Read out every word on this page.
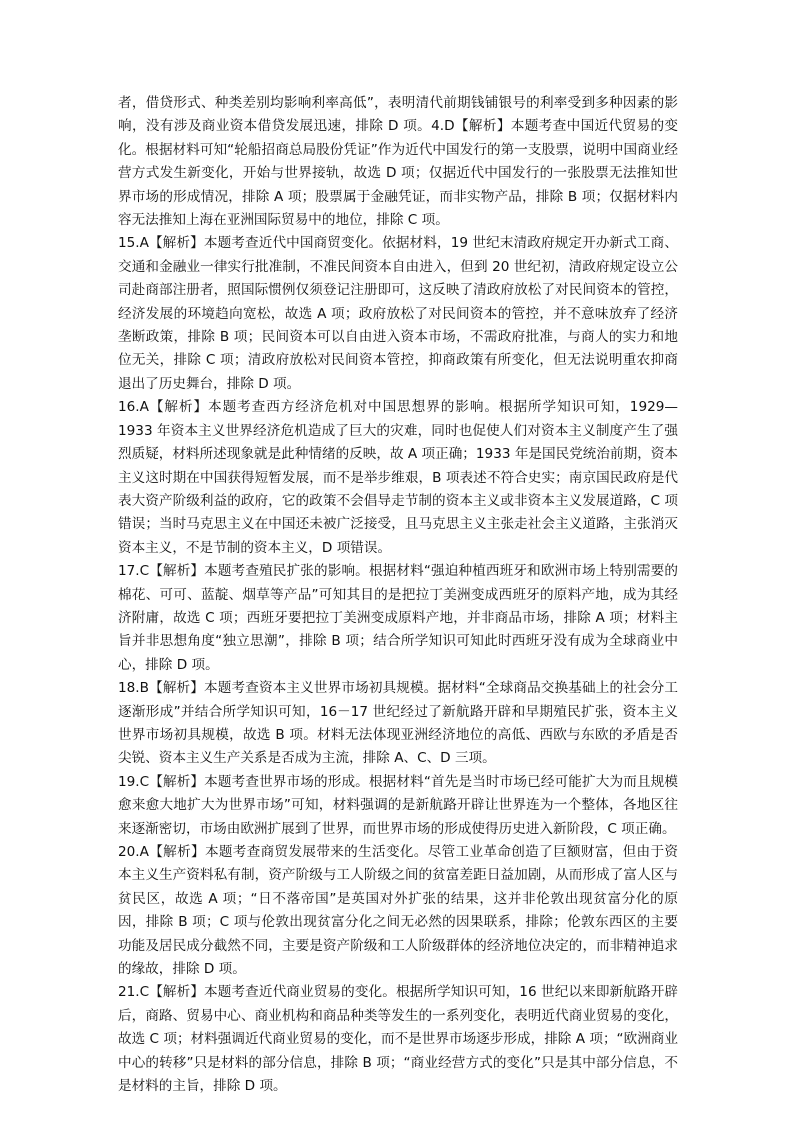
者，借贷形式、种类差别均影响利率高低”，表明清代前期钱铺银号的利率受到多种因素的影响，没有涉及商业资本借贷发展迅速，排除 D 项。4.D【解析】本题考查中国近代贸易的变化。根据材料可知“轮船招商总局股份凭证”作为近代中国发行的第一支股票，说明中国商业经营方式发生新变化，开始与世界接轨，故选 D 项；仅据近代中国发行的一张股票无法推知世界市场的形成情况，排除 A 项；股票属于金融凭证，而非实物产品，排除 B 项；仅据材料内容无法推知上海在亚洲国际贸易中的地位，排除 C 项。

15.A【解析】本题考查近代中国商贸变化。依据材料，19 世纪末清政府规定开办新式工商、交通和金融业一律实行批准制，不准民间资本自由进入，但到 20 世纪初，清政府规定设立公司赴商部注册者，照国际惯例仅须登记注册即可，这反映了清政府放松了对民间资本的管控，经济发展的环境趋向宽松，故选 A 项；政府放松了对民间资本的管控，并不意味放弃了经济垄断政策，排除 B 项；民间资本可以自由进入资本市场，不需政府批准，与商人的实力和地位无关，排除 C 项；清政府放松对民间资本管控，抑商政策有所变化，但无法说明重农抑商退出了历史舞台，排除 D 项。

16.A【解析】本题考查西方经济危机对中国思想界的影响。根据所学知识可知，1929—1933 年资本主义世界经济危机造成了巨大的灾难，同时也促使人们对资本主义制度产生了强烈质疑，材料所述现象就是此种情绪的反映，故 A 项正确；1933 年是国民党统治前期，资本主义这时期在中国获得短暂发展，而不是举步维艰，B 项表述不符合史实；南京国民政府是代表大资产阶级利益的政府，它的政策不会倡导走节制的资本主义或非资本主义发展道路，C 项错误；当时马克思主义在中国还未被广泛接受，且马克思主义主张走社会主义道路，主张消灭资本主义，不是节制的资本主义，D 项错误。

17.C【解析】本题考查殖民扩张的影响。根据材料“强迫种植西班牙和欧洲市场上特别需要的棉花、可可、蓝靛、烟草等产品”可知其目的是把拉丁美洲变成西班牙的原料产地，成为其经济附庸，故选 C 项；西班牙要把拉丁美洲变成原料产地，并非商品市场，排除 A 项；材料主旨并非思想角度“独立思潮”，排除 B 项；结合所学知识可知此时西班牙没有成为全球商业中心，排除 D 项。

18.B【解析】本题考查资本主义世界市场初具规模。据材料“全球商品交换基础上的社会分工逐渐形成”并结合所学知识可知，16－17 世纪经过了新航路开辟和早期殖民扩张，资本主义世界市场初具规模，故选 B 项。材料无法体现亚洲经济地位的高低、西欧与东欧的矛盾是否尖锐、资本主义生产关系是否成为主流，排除 A、C、D 三项。

19.C【解析】本题考查世界市场的形成。根据材料“首先是当时市场已经可能扩大为而且规模愈来愈大地扩大为世界市场”可知，材料强调的是新航路开辟让世界连为一个整体，各地区往来逐渐密切，市场由欧洲扩展到了世界，而世界市场的形成使得历史进入新阶段，C 项正确。

20.A【解析】本题考查商贸发展带来的生活变化。尽管工业革命创造了巨额财富，但由于资本主义生产资料私有制，资产阶级与工人阶级之间的贫富差距日益加剧，从而形成了富人区与贫民区，故选 A 项；“日不落帝国”是英国对外扩张的结果，这并非伦敦出现贫富分化的原因，排除 B 项；C 项与伦敦出现贫富分化之间无必然的因果联系，排除；伦敦东西区的主要功能及居民成分截然不同，主要是资产阶级和工人阶级群体的经济地位决定的，而非精神追求的缘故，排除 D 项。

21.C【解析】本题考查近代商业贸易的变化。根据所学知识可知，16 世纪以来即新航路开辟后，商路、贸易中心、商业机构和商品种类等发生的一系列变化，表明近代商业贸易的变化，故选 C 项；材料强调近代商业贸易的变化，而不是世界市场逐步形成，排除 A 项；“欧洲商业中心的转移”只是材料的部分信息，排除 B 项；“商业经营方式的变化”只是其中部分信息，不是材料的主旨，排除 D 项。
